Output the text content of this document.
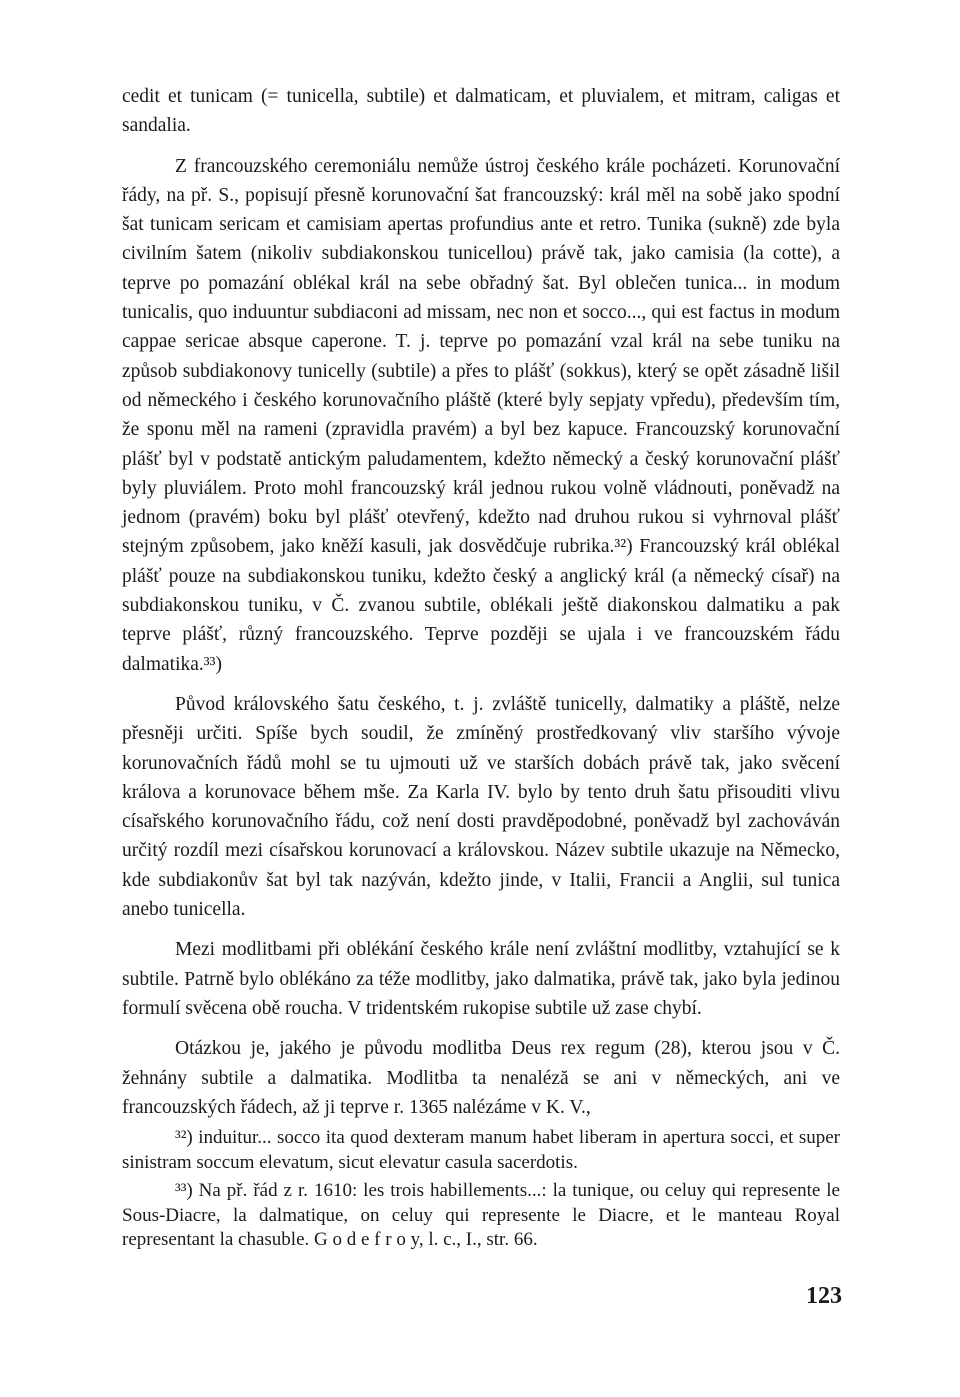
cedit et tunicam (= tunicella, subtile) et dalmaticam, et pluvialem, et mitram, caligas et sandalia.

Z francouzského ceremoniálu nemůže ústroj českého krále pocházeti. Korunovační řády, na př. S., popisují přesně korunovační šat francouzský: král měl na sobě jako spodní šat tunicam sericam et camisiam apertas profundius ante et retro. Tunika (sukně) zde byla civilním šatem (nikoliv subdiakonskou tunicellou) právě tak, jako camisia (la cotte), a teprve po pomazání oblékal král na sebe obřadný šat. Byl oblečen tunica... in modum tunicalis, quo induuntur subdiaconi ad missam, nec non et socco..., qui est factus in modum cappae sericae absque caperone. T. j. teprve po pomazání vzal král na sebe tuniku na způsob subdiakonovy tunicelly (subtile) a přes to plášť (sokkus), který se opět zásadně lišil od německého i českého korunovačního pláště (které byly sepjaty vpředu), především tím, že sponu měl na rameni (zpravidla pravém) a byl bez kapuce. Francouzský korunovační plášť byl v podstatě antickým paludamentem, kdežto německý a český korunovační plášť byly pluviálem. Proto mohl francouzský král jednou rukou volně vládnouti, poněvadž na jednom (pravém) boku byl plášť otevřený, kdežto nad druhou rukou si vyhrnoval plášť stejným způsobem, jako kněží kasuli, jak dosvědčuje rubrika.³²) Francouzský král oblékal plášť pouze na subdiakonskou tuniku, kdežto český a anglický král (a německý císař) na subdiakonskou tuniku, v Č. zvanou subtile, oblékali ještě diakonskou dalmatiku a pak teprve plášť, různý francouzského. Teprve později se ujala i ve francouzském řádu dalmatika.³³)

Původ královského šatu českého, t. j. zvláště tunicelly, dalmatiky a pláště, nelze přesněji určiti. Spíše bych soudil, že zmíněný prostředkovaný vliv staršího vývoje korunovačních řádů mohl se tu ujmouti už ve starších dobách právě tak, jako svěcení králova a korunovace během mše. Za Karla IV. bylo by tento druh šatu přisouditi vlivu císařského korunovačního řádu, což není dosti pravděpodobné, poněvadž byl zachováván určitý rozdíl mezi císařskou korunovací a královskou. Název subtile ukazuje na Německo, kde subdiakonův šat byl tak nazýván, kdežto jinde, v Italii, Francii a Anglii, sul tunica anebo tunicella.

Mezi modlitbami při oblékání českého krále není zvláštní modlitby, vztahující se k subtile. Patrně bylo oblékáno za téže modlitby, jako dalmatika, právě tak, jako byla jedinou formulí svěcena obě roucha. V tridentském rukopise subtile už zase chybí.

Otázkou je, jakého je původu modlitba Deus rex regum (28), kterou jsou v Č. žehnány subtile a dalmatika. Modlitba ta nenaléză se ani v německých, ani ve francouzských řádech, až ji teprve r. 1365 nalézáme v K. V.,

³²) induitur... socco ita quod dexteram manum habet liberam in apertura socci, et super sinistram soccum elevatum, sicut elevatur casula sacerdotis.

³³) Na př. řád z r. 1610: les trois habillements...: la tunique, ou celuy qui represente le Sous-Diacre, la dalmatique, on celuy qui represente le Diacre, et le manteau Royal representant la chasuble. G o d e f r o y, l. c., I., str. 66.

123
